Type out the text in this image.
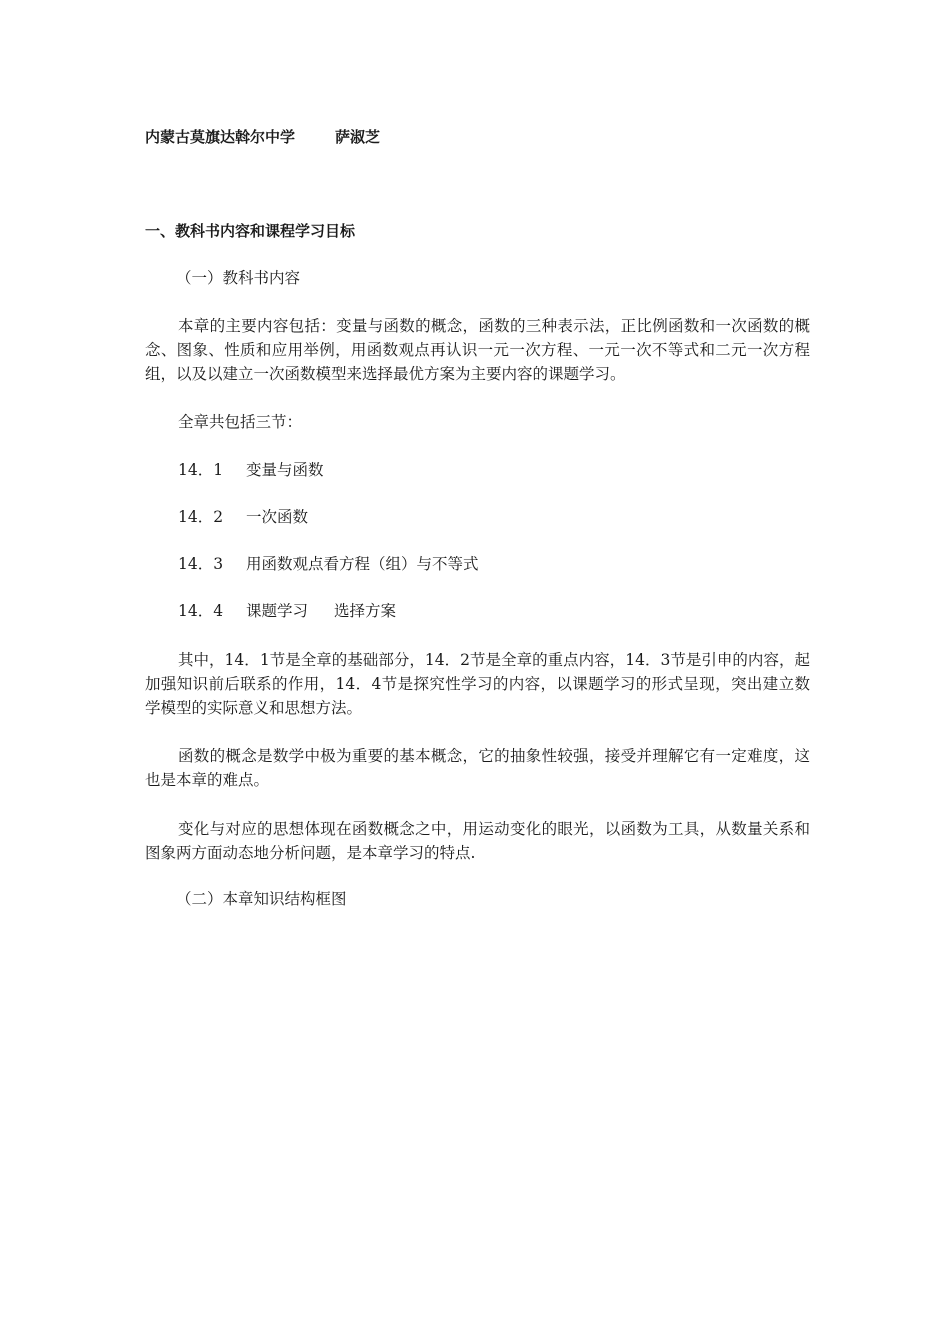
内蒙古莫旗达斡尔中学	萨淑芝
一、教科书内容和课程学习目标
（一）教科书内容
本章的主要内容包括：变量与函数的概念，函数的三种表示法，正比例函数和一次函数的概念、图象、性质和应用举例，用函数观点再认识一元一次方程、一元一次不等式和二元一次方程组，以及以建立一次函数模型来选择最优方案为主要内容的课题学习。
全章共包括三节：
14．1 变量与函数
14．2 一次函数
14．3 用函数观点看方程（组）与不等式
14．4 课题学习 选择方案
其中，14．1节是全章的基础部分，14．2节是全章的重点内容，14．3节是引申的内容，起加强知识前后联系的作用，14．4节是探究性学习的内容，以课题学习的形式呈现，突出建立数学模型的实际意义和思想方法。
函数的概念是数学中极为重要的基本概念，它的抽象性较强，接受并理解它有一定难度，这也是本章的难点。
变化与对应的思想体现在函数概念之中，用运动变化的眼光，以函数为工具，从数量关系和图象两方面动态地分析问题，是本章学习的特点.
（二）本章知识结构框图
